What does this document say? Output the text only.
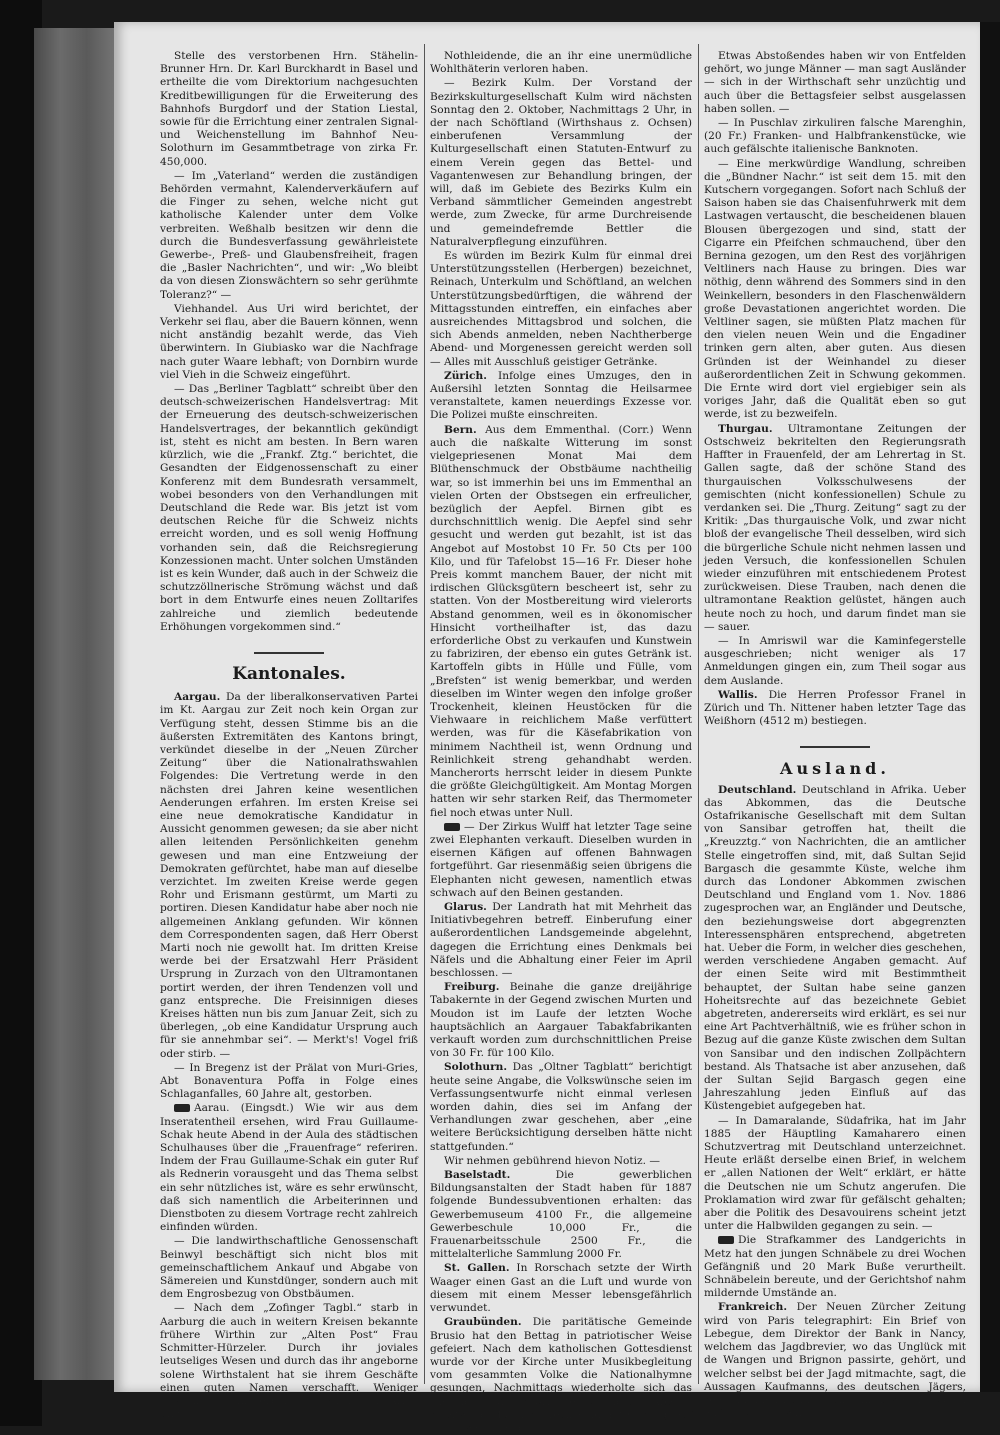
Stelle des verstorbenen Hrn. Stähelin-Brunner Hrn. Dr. Karl Burckhardt in Basel und ertheilte die vom Direktorium nachgesuchten Kreditbewilligungen für die Erweiterung des Bahnhofs Burgdorf und der Station Liestal, sowie für die Errichtung einer zentralen Signal- und Weichenstellung im Bahnhof Neu-Solothurn im Gesammtbetrage von zirka Fr. 450,000.

— Im „Vaterland“ werden die zuständigen Behörden vermahnt, Kalenderverkäufern auf die Finger zu sehen, welche nicht gut katholische Kalender unter dem Volke verbreiten. Weßhalb besitzen wir denn die durch die Bundesverfassung gewährleistete Gewerbe-, Preß- und Glaubensfreiheit, fragen die „Basler Nachrichten“, und wir: „Wo bleibt da von diesen Zionswächtern so sehr gerühmte Toleranz?“ —

Viehhandel. Aus Uri wird berichtet, der Verkehr sei flau, aber die Bauern können, wenn nicht anständig bezahlt werde, das Vieh überwintern. In Giubiasko war die Nachfrage nach guter Waare lebhaft; von Dornbirn wurde viel Vieh in die Schweiz eingeführt.

— Das „Berliner Tagblatt“ schreibt über den deutsch-schweizerischen Handelsvertrag: Mit der Erneuerung des deutsch-schweizerischen Handelsvertrages, der bekanntlich gekündigt ist, steht es nicht am besten. In Bern waren kürzlich, wie die „Frankf. Ztg.“ berichtet, die Gesandten der Eidgenossenschaft zu einer Konferenz mit dem Bundesrath versammelt, wobei besonders von den Verhandlungen mit Deutschland die Rede war. Bis jetzt ist vom deutschen Reiche für die Schweiz nichts erreicht worden, und es soll wenig Hoffnung vorhanden sein, daß die Reichsregierung Konzessionen macht. Unter solchen Umständen ist es kein Wunder, daß auch in der Schweiz die schutzzöllnerische Strömung wächst und daß bort in dem Entwurfe eines neuen Zolltarifes zahlreiche und ziemlich bedeutende Erhöhungen vorgekommen sind.“

Kantonales.

Aargau. Da der liberalkonservativen Partei im Kt. Aargau zur Zeit noch kein Organ zur Verfügung steht, dessen Stimme bis an die äußersten Extremitäten des Kantons bringt, verkündet dieselbe in der „Neuen Zürcher Zeitung“ über die Nationalrathswahlen Folgendes: Die Vertretung werde in den nächsten drei Jahren keine wesentlichen Aenderungen erfahren. Im ersten Kreise sei eine neue demokratische Kandidatur in Aussicht genommen gewesen; da sie aber nicht allen leitenden Persönlichkeiten genehm gewesen und man eine Entzweiung der Demokraten gefürchtet, habe man auf dieselbe verzichtet. Im zweiten Kreise werde gegen Rohr und Erismann gestürmt, um Marti zu portiren. Diesen Kandidatur habe aber noch nie allgemeinen Anklang gefunden. Wir können dem Correspondenten sagen, daß Herr Oberst Marti noch nie gewollt hat. Im dritten Kreise werde bei der Ersatzwahl Herr Präsident Ursprung in Zurzach von den Ultramontanen portirt werden, der ihren Tendenzen voll und ganz entspreche. Die Freisinnigen dieses Kreises hätten nun bis zum Januar Zeit, sich zu überlegen, „ob eine Kandidatur Ursprung auch für sie annehmbar sei“. — Merkt's! Vogel friß oder stirb. —

— In Bregenz ist der Prälat von Muri-Gries, Abt Bonaventura Poffa in Folge eines Schlaganfalles, 60 Jahre alt, gestorben.

Aarau. (Eingsdt.) Wie wir aus dem Inseratentheil ersehen, wird Frau Guillaume-Schak heute Abend in der Aula des städtischen Schulhauses über die „Frauenfrage“ referiren. Indem der Frau Guillaume-Schak ein guter Ruf als Rednerin vorausgeht und das Thema selbst ein sehr nützliches ist, wäre es sehr erwünscht, daß sich namentlich die Arbeiterinnen und Dienstboten zu diesem Vortrage recht zahlreich einfinden würden.

— Die landwirthschaftliche Genossenschaft Beinwyl beschäftigt sich nicht blos mit gemeinschaftlichem Ankauf und Abgabe von Sämereien und Kunstdünger, sondern auch mit dem Engrosbezug von Obstbäumen.

— Nach dem „Zofinger Tagbl.“ starb in Aarburg die auch in weitern Kreisen bekannte frühere Wirthin zur „Alten Post“ Frau Schmitter-Hürzeler. Durch ihr joviales leutseliges Wesen und durch das ihr angeborne solene Wirthstalent hat sie ihrem Geschäfte einen guten Namen verschafft. Weniger bekannt war ihr verborgenes Wirken für Arme und

Nothleidende, die an ihr eine unermüdliche Wohlthäterin verloren haben.

— Bezirk Kulm. Der Vorstand der Bezirkskulturgesellschaft Kulm wird nächsten Sonntag den 2. Oktober, Nachmittags 2 Uhr, in der nach Schöftland (Wirthshaus z. Ochsen) einberufenen Versammlung der Kulturgesellschaft einen Statuten-Entwurf zu einem Verein gegen das Bettel- und Vagantenwesen zur Behandlung bringen, der will, daß im Gebiete des Bezirks Kulm ein Verband sämmtlicher Gemeinden angestrebt werde, zum Zwecke, für arme Durchreisende und gemeindefremde Bettler die Naturalverpflegung einzuführen.

Es würden im Bezirk Kulm für einmal drei Unterstützungsstellen (Herbergen) bezeichnet, Reinach, Unterkulm und Schöftland, an welchen Unterstützungsbedürftigen, die während der Mittagsstunden eintreffen, ein einfaches aber ausreichendes Mittagsbrod und solchen, die sich Abends anmelden, neben Nachtherberge Abend- und Morgenessen gereicht werden soll — Alles mit Ausschluß geistiger Getränke.

Zürich. Infolge eines Umzuges, den in Außersihl letzten Sonntag die Heilsarmee veranstaltete, kamen neuerdings Exzesse vor. Die Polizei mußte einschreiten.

Bern. Aus dem Emmenthal. (Corr.) Wenn auch die naßkalte Witterung im sonst vielgepriesenen Monat Mai dem Blüthenschmuck der Obstbäume nachtheilig war, so ist immerhin bei uns im Emmenthal an vielen Orten der Obstsegen ein erfreulicher, bezüglich der Aepfel. Birnen gibt es durchschnittlich wenig. Die Aepfel sind sehr gesucht und werden gut bezahlt, ist ist das Angebot auf Mostobst 10 Fr. 50 Cts per 100 Kilo, und für Tafelobst 15—16 Fr. Dieser hohe Preis kommt manchem Bauer, der nicht mit irdischen Glücksgütern bescheert ist, sehr zu statten. Von der Mostbereitung wird vielerorts Abstand genommen, weil es in ökonomischer Hinsicht vortheilhafter ist, das dazu erforderliche Obst zu verkaufen und Kunstwein zu fabriziren, der ebenso ein gutes Getränk ist. Kartoffeln gibts in Hülle und Fülle, vom „Brefsten“ ist wenig bemerkbar, und werden dieselben im Winter wegen den infolge großer Trockenheit, kleinen Heustöcken für die Viehwaare in reichlichem Maße verfüttert werden, was für die Käsefabrikation von minimem Nachtheil ist, wenn Ordnung und Reinlichkeit streng gehandhabt werden. Mancherorts herrscht leider in diesem Punkte die größte Gleichgültigkeit. Am Montag Morgen hatten wir sehr starken Reif, das Thermometer fiel noch etwas unter Null.

— Der Zirkus Wulff hat letzter Tage seine zwei Elephanten verkauft. Dieselben wurden in eisernen Käfigen auf offenen Bahnwagen fortgeführt. Gar riesenmäßig seien übrigens die Elephanten nicht gewesen, namentlich etwas schwach auf den Beinen gestanden.

Glarus. Der Landrath hat mit Mehrheit das Initiativbegehren betreff. Einberufung einer außerordentlichen Landsgemeinde abgelehnt, dagegen die Errichtung eines Denkmals bei Näfels und die Abhaltung einer Feier im April beschlossen. —

Freiburg. Beinahe die ganze dreijährige Tabakernte in der Gegend zwischen Murten und Moudon ist im Laufe der letzten Woche hauptsächlich an Aargauer Tabakfabrikanten verkauft worden zum durchschnittlichen Preise von 30 Fr. für 100 Kilo.

Solothurn. Das „Oltner Tagblatt“ berichtigt heute seine Angabe, die Volkswünsche seien im Verfassungsentwurfe nicht einmal verlesen worden dahin, dies sei im Anfang der Verhandlungen zwar geschehen, aber „eine weitere Berücksichtigung derselben hätte nicht stattgefunden.“

Wir nehmen gebührend hievon Notiz. —

Baselstadt. Die gewerblichen Bildungsanstalten der Stadt haben für 1887 folgende Bundessubventionen erhalten: das Gewerbemuseum 4100 Fr., die allgemeine Gewerbeschule 10,000 Fr., die Frauenarbeitsschule 2500 Fr., die mittelalterliche Sammlung 2000 Fr.

St. Gallen. In Rorschach setzte der Wirth Waager einen Gast an die Luft und wurde von diesem mit einem Messer lebensgefährlich verwundet.

Graubünden. Die paritätische Gemeinde Brusio hat den Bettag in patriotischer Weise gefeiert. Nach dem katholischen Gottesdienst wurde vor der Kirche unter Musikbegleitung vom gesammten Volke die Nationalhymne gesungen, Nachmittags wiederholte sich das Gleiche vor der reformirten Kirche und Abends spielte die Musik, abwechselnd mit Gesang, auf dem freien Platze. —

Etwas Abstoßendes haben wir von Entfelden gehört, wo junge Männer — man sagt Ausländer — sich in der Wirthschaft sehr unzüchtig und auch über die Bettagsfeier selbst ausgelassen haben sollen. —

— In Puschlav zirkuliren falsche Marenghin, (20 Fr.) Franken- und Halbfrankenstücke, wie auch gefälschte italienische Banknoten.

— Eine merkwürdige Wandlung, schreiben die „Bündner Nachr.“ ist seit dem 15. mit den Kutschern vorgegangen. Sofort nach Schluß der Saison haben sie das Chaisenfuhrwerk mit dem Lastwagen vertauscht, die bescheidenen blauen Blousen übergezogen und sind, statt der Cigarre ein Pfeifchen schmauchend, über den Bernina gezogen, um den Rest des vorjährigen Veltliners nach Hause zu bringen. Dies war nöthig, denn während des Sommers sind in den Weinkellern, besonders in den Flaschenwäldern große Devastationen angerichtet worden. Die Veltliner sagen, sie müßten Platz machen für den vielen neuen Wein und die Engadiner trinken gern alten, aber guten. Aus diesen Gründen ist der Weinhandel zu dieser außerordentlichen Zeit in Schwung gekommen. Die Ernte wird dort viel ergiebiger sein als voriges Jahr, daß die Qualität eben so gut werde, ist zu bezweifeln.

Thurgau. Ultramontane Zeitungen der Ostschweiz bekritelten den Regierungsrath Haffter in Frauenfeld, der am Lehrertag in St. Gallen sagte, daß der schöne Stand des thurgauischen Volksschulwesens der gemischten (nicht konfessionellen) Schule zu verdanken sei. Die „Thurg. Zeitung“ sagt zu der Kritik: „Das thurgauische Volk, und zwar nicht bloß der evangelische Theil desselben, wird sich die bürgerliche Schule nicht nehmen lassen und jeden Versuch, die konfessionellen Schulen wieder einzuführen mit entschiedenem Protest zurückweisen. Diese Trauben, nach denen die ultramontane Reaktion gelüstet, hängen auch heute noch zu hoch, und darum findet man sie — sauer.

— In Amriswil war die Kaminfegerstelle ausgeschrieben; nicht weniger als 17 Anmeldungen gingen ein, zum Theil sogar aus dem Auslande.

Wallis. Die Herren Professor Franel in Zürich und Th. Nittener haben letzter Tage das Weißhorn (4512 m) bestiegen.

Ausland.

Deutschland. Deutschland in Afrika. Ueber das Abkommen, das die Deutsche Ostafrikanische Gesellschaft mit dem Sultan von Sansibar getroffen hat, theilt die „Kreuzztg.“ von Nachrichten, die an amtlicher Stelle eingetroffen sind, mit, daß Sultan Sejid Bargasch die gesammte Küste, welche ihm durch das Londoner Abkommen zwischen Deutschland und England vom 1. Nov. 1886 zugesprochen war, an Engländer und Deutsche, den beziehungsweise dort abgegrenzten Interessensphären entsprechend, abgetreten hat. Ueber die Form, in welcher dies geschehen, werden verschiedene Angaben gemacht. Auf der einen Seite wird mit Bestimmtheit behauptet, der Sultan habe seine ganzen Hoheitsrechte auf das bezeichnete Gebiet abgetreten, andererseits wird erklärt, es sei nur eine Art Pachtverhältniß, wie es früher schon in Bezug auf die ganze Küste zwischen dem Sultan von Sansibar und den indischen Zollpächtern bestand. Als Thatsache ist aber anzusehen, daß der Sultan Sejid Bargasch gegen eine Jahreszahlung jeden Einfluß auf das Küstengebiet aufgegeben hat.

— In Damaralande, Südafrika, hat im Jahr 1885 der Häuptling Kamaharero einen Schutzvertrag mit Deutschland unterzeichnet. Heute erläßt derselbe einen Brief, in welchem er „allen Nationen der Welt“ erklärt, er hätte die Deutschen nie um Schutz angerufen. Die Proklamation wird zwar für gefälscht gehalten; aber die Politik des Desavouirens scheint jetzt unter die Halbwilden gegangen zu sein. —

Die Strafkammer des Landgerichts in Metz hat den jungen Schnäbele zu drei Wochen Gefängniß und 20 Mark Buße verurtheilt. Schnäbelein bereute, und der Gerichtshof nahm mildernde Umstände an.

Frankreich. Der Neuen Zürcher Zeitung wird von Paris telegraphirt: Ein Brief von Lebegue, dem Direktor der Bank in Nancy, welchem das Jagdbrevier, wo das Unglück mit de Wangen und Brignon passirte, gehört, und welcher selbst bei der Jagd mitmachte, sagt, die Aussagen Kaufmanns, des deutschen Jägers, seien in allen Punkten unwahr. Die Opfer seien auf französischem
